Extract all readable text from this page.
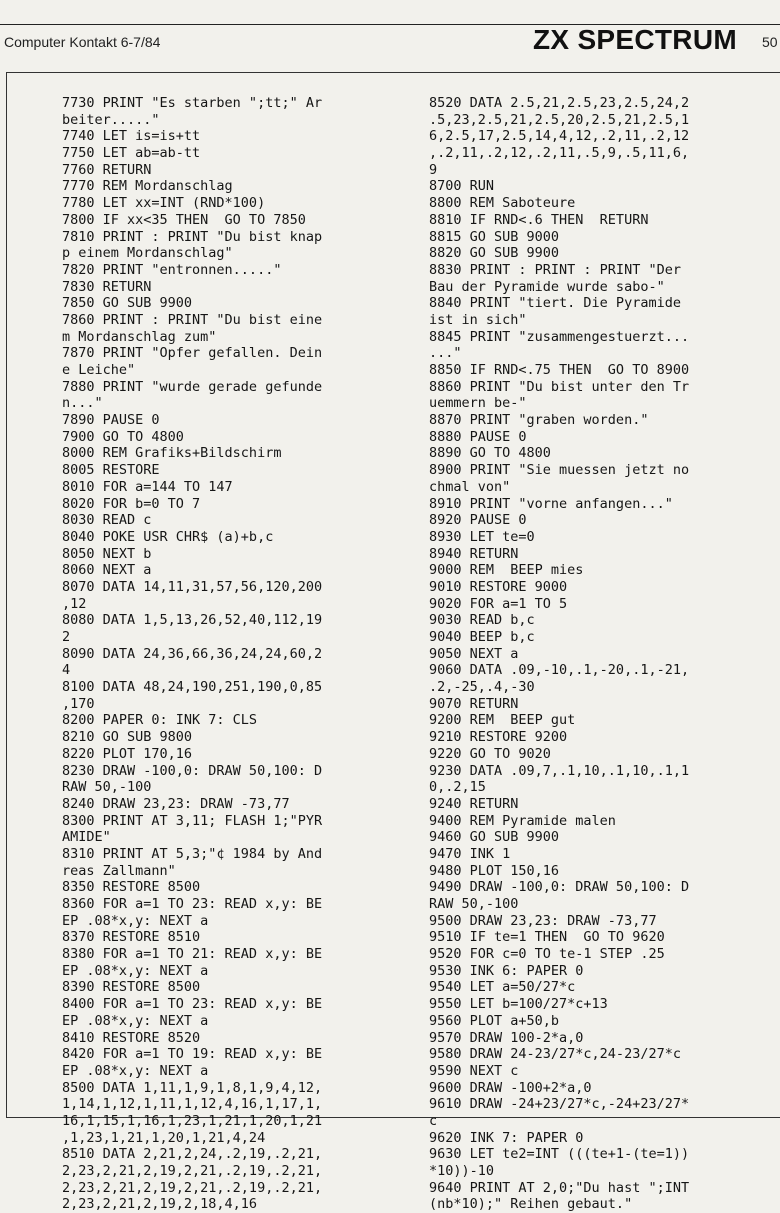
Computer Kontakt 6-7/84	ZX SPECTRUM 50
7730 PRINT "Es starben ";tt;" Ar
beiter....."
7740 LET is=is+tt
7750 LET ab=ab-tt
7760 RETURN
7770 REM Mordanschlag
7780 LET xx=INT (RND*100)
7800 IF xx<35 THEN  GO TO 7850
7810 PRINT : PRINT "Du bist knap
p einem Mordanschlag"
7820 PRINT "entronnen....."
7830 RETURN
7850 GO SUB 9900
7860 PRINT : PRINT "Du bist eine
m Mordanschlag zum"
7870 PRINT "Opfer gefallen. Dein
e Leiche"
7880 PRINT "wurde gerade gefunde
n..."
7890 PAUSE 0
7900 GO TO 4800
8000 REM Grafiks+Bildschirm
8005 RESTORE
8010 FOR a=144 TO 147
8020 FOR b=0 TO 7
8030 READ c
8040 POKE USR CHR$ (a)+b,c
8050 NEXT b
8060 NEXT a
8070 DATA 14,11,31,57,56,120,200
,12
8080 DATA 1,5,13,26,52,40,112,19
2
8090 DATA 24,36,66,36,24,24,60,2
4
8100 DATA 48,24,190,251,190,0,85
,170
8200 PAPER 0: INK 7: CLS
8210 GO SUB 9800
8220 PLOT 170,16
8230 DRAW -100,0: DRAW 50,100: D
RAW 50,-100
8240 DRAW 23,23: DRAW -73,77
8300 PRINT AT 3,11; FLASH 1;"PYR
AMIDE"
8310 PRINT AT 5,3;"¢ 1984 by And
reas Zallmann"
8350 RESTORE 8500
8360 FOR a=1 TO 23: READ x,y: BE
EP .08*x,y: NEXT a
8370 RESTORE 8510
8380 FOR a=1 TO 21: READ x,y: BE
EP .08*x,y: NEXT a
8390 RESTORE 8500
8400 FOR a=1 TO 23: READ x,y: BE
EP .08*x,y: NEXT a
8410 RESTORE 8520
8420 FOR a=1 TO 19: READ x,y: BE
EP .08*x,y: NEXT a
8500 DATA 1,11,1,9,1,8,1,9,4,12,
1,14,1,12,1,11,1,12,4,16,1,17,1,
16,1,15,1,16,1,23,1,21,1,20,1,21
,1,23,1,21,1,20,1,21,4,24
8510 DATA 2,21,2,24,.2,19,.2,21,
2,23,2,21,2,19,2,21,.2,19,.2,21,
2,23,2,21,2,19,2,21,.2,19,.2,21,
2,23,2,21,2,19,2,18,4,16
8520 DATA 2.5,21,2.5,23,2.5,24,2
.5,23,2.5,21,2.5,20,2.5,21,2.5,1
6,2.5,17,2.5,14,4,12,.2,11,.2,12
,.2,11,.2,12,.2,11,.5,9,.5,11,6,
9
8700 RUN
8800 REM Saboteure
8810 IF RND<.6 THEN  RETURN
8815 GO SUB 9000
8820 GO SUB 9900
8830 PRINT : PRINT : PRINT "Der
Bau der Pyramide wurde sabo-"
8840 PRINT "tiert. Die Pyramide
ist in sich"
8845 PRINT "zusammengestuerzt...
..."
8850 IF RND<.75 THEN  GO TO 8900
8860 PRINT "Du bist unter den Tr
uemmern be-"
8870 PRINT "graben worden."
8880 PAUSE 0
8890 GO TO 4800
8900 PRINT "Sie muessen jetzt no
chmal von"
8910 PRINT "vorne anfangen..."
8920 PAUSE 0
8930 LET te=0
8940 RETURN
9000 REM  BEEP mies
9010 RESTORE 9000
9020 FOR a=1 TO 5
9030 READ b,c
9040 BEEP b,c
9050 NEXT a
9060 DATA .09,-10,.1,-20,.1,-21,
.2,-25,.4,-30
9070 RETURN
9200 REM  BEEP gut
9210 RESTORE 9200
9220 GO TO 9020
9230 DATA .09,7,.1,10,.1,10,.1,1
0,.2,15
9240 RETURN
9400 REM Pyramide malen
9460 GO SUB 9900
9470 INK 1
9480 PLOT 150,16
9490 DRAW -100,0: DRAW 50,100: D
RAW 50,-100
9500 DRAW 23,23: DRAW -73,77
9510 IF te=1 THEN  GO TO 9620
9520 FOR c=0 TO te-1 STEP .25
9530 INK 6: PAPER 0
9540 LET a=50/27*c
9550 LET b=100/27*c+13
9560 PLOT a+50,b
9570 DRAW 100-2*a,0
9580 DRAW 24-23/27*c,24-23/27*c
9590 NEXT c
9600 DRAW -100+2*a,0
9610 DRAW -24+23/27*c,-24+23/27*
c
9620 INK 7: PAPER 0
9630 LET te2=INT (((te+1-(te=1))
*10))-10
9640 PRINT AT 2,0;"Du hast ";INT
(nb*10);" Reihen gebaut."
